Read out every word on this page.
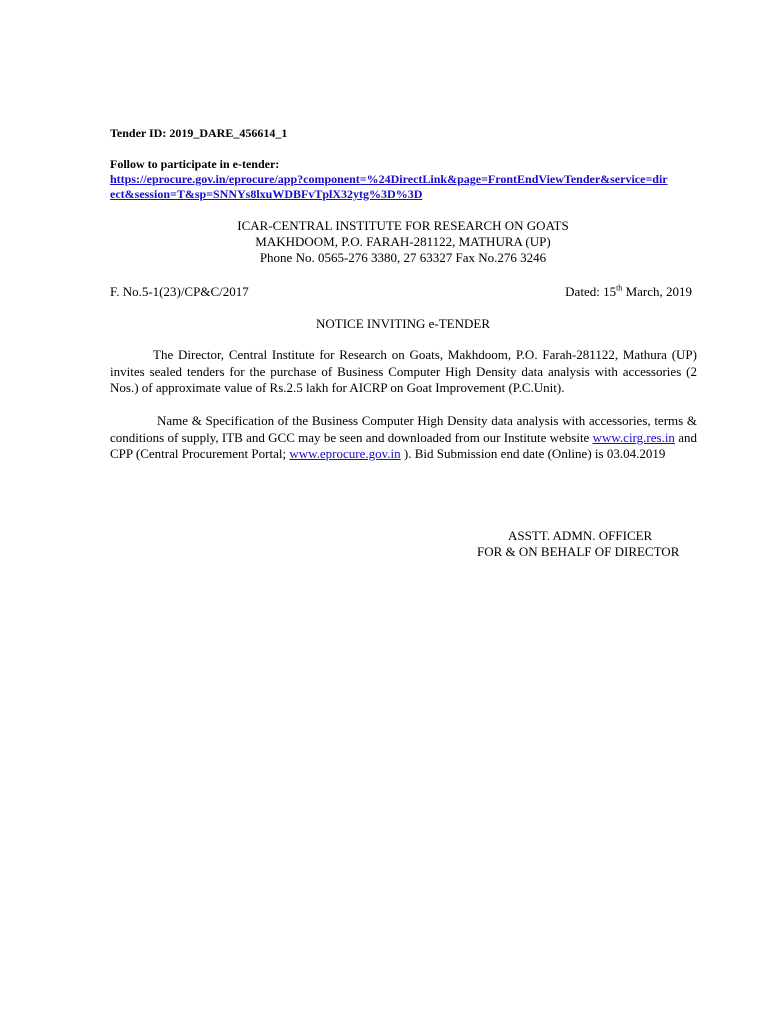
Tender ID: 2019_DARE_456614_1
Follow to participate in e-tender:
https://eprocure.gov.in/eprocure/app?component=%24DirectLink&page=FrontEndViewTender&service=dir
ect&session=T&sp=SNNYs8lxuWDBFvTplX32ytg%3D%3D
ICAR-CENTRAL INSTITUTE FOR RESEARCH ON GOATS
MAKHDOOM, P.O. FARAH-281122, MATHURA (UP)
Phone No. 0565-276 3380, 27 63327 Fax No.276 3246
F. No.5-1(23)/CP&C/2017	Dated: 15th March, 2019
NOTICE INVITING e-TENDER

The Director, Central Institute for Research on Goats, Makhdoom, P.O. Farah-281122, Mathura (UP) invites sealed tenders for the purchase of Business Computer High Density data analysis with accessories (2 Nos.) of approximate value of Rs.2.5 lakh for AICRP on Goat Improvement (P.C.Unit).

Name & Specification of the Business Computer High Density data analysis with accessories, terms & conditions of supply, ITB and GCC may be seen and downloaded from our Institute website www.cirg.res.in and CPP (Central Procurement Portal; www.eprocure.gov.in ). Bid Submission end date (Online) is 03.04.2019

ASSTT. ADMN. OFFICER
FOR & ON BEHALF OF DIRECTOR
